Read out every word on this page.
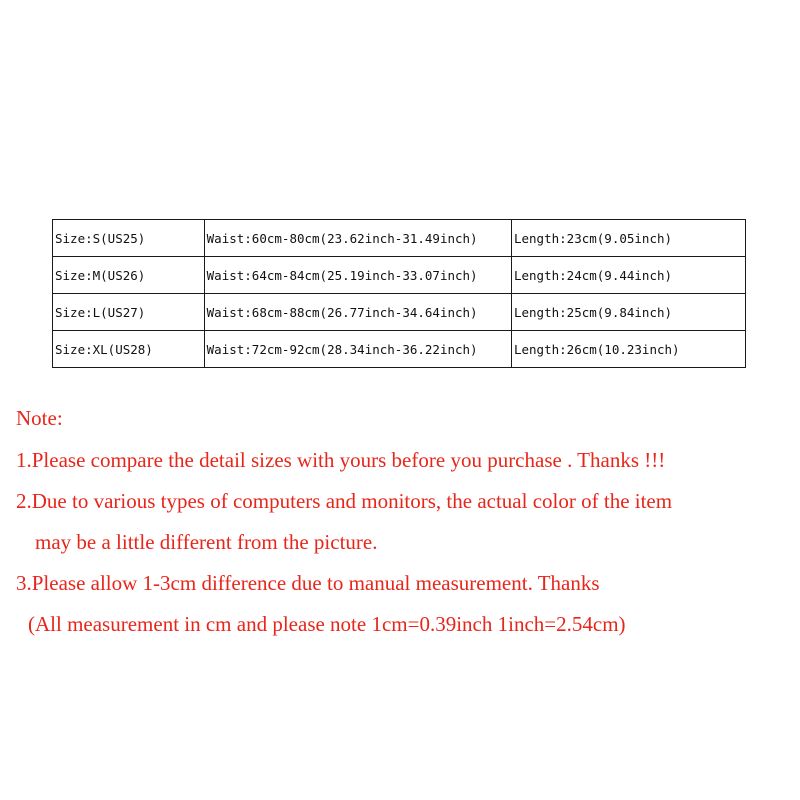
Size:S(US25)	Waist:60cm-80cm(23.62inch-31.49inch)	Length:23cm(9.05inch)
Size:M(US26)	Waist:64cm-84cm(25.19inch-33.07inch)	Length:24cm(9.44inch)
Size:L(US27)	Waist:68cm-88cm(26.77inch-34.64inch)	Length:25cm(9.84inch)
Size:XL(US28)	Waist:72cm-92cm(28.34inch-36.22inch)	Length:26cm(10.23inch)
Note:
1.Please compare the detail sizes with yours before you purchase . Thanks !!!
2.Due to various types of computers and monitors, the actual color of the item
may be a little different from the picture.
3.Please allow 1-3cm difference due to manual measurement. Thanks
(All measurement in cm and please note 1cm=0.39inch 1inch=2.54cm)
